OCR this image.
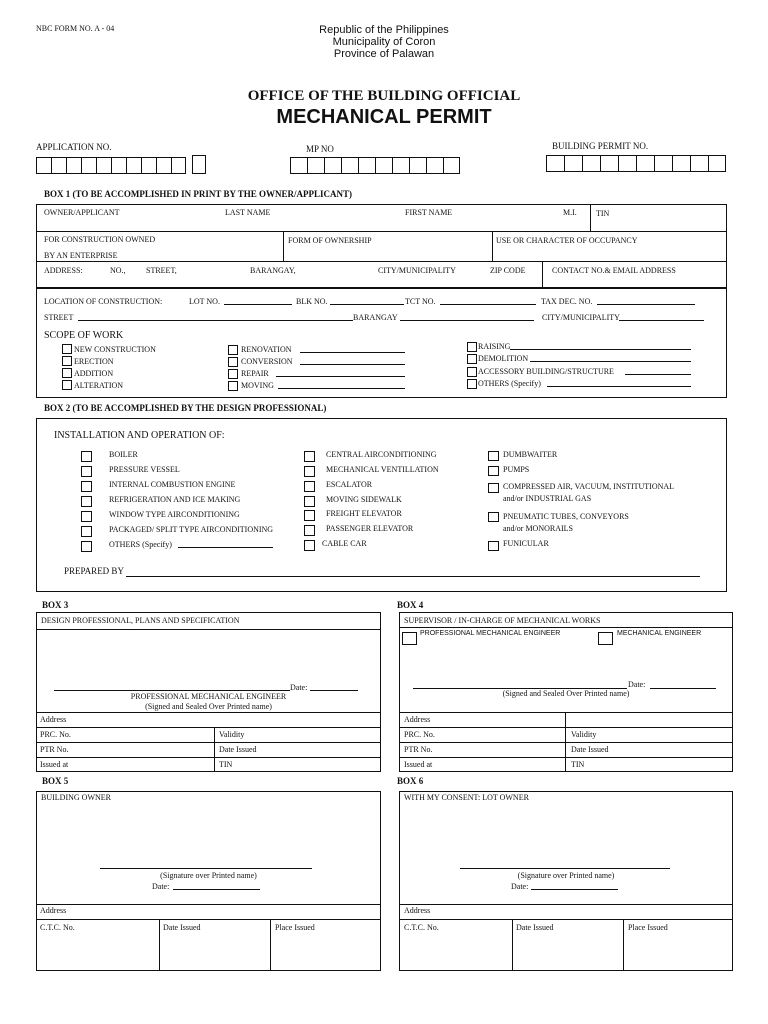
NBC FORM NO. A - 04	Republic of the Philippines
Municipality of Coron
Province of Palawan
OFFICE OF THE BUILDING OFFICIAL
MECHANICAL PERMIT
APPLICATION NO.	MP NO	BUILDING PERMIT NO.
BOX 1 (TO BE ACCOMPLISHED IN PRINT BY THE OWNER/APPLICANT)
OWNER/APPLICANT	LAST NAME	FIRST NAME	M.I. TIN
FOR CONSTRUCTION OWNED
BY AN ENTERPRISE
FORM OF OWNERSHIP	USE OR CHARACTER OF OCCUPANCY
ADDRESS:	NO.,	STREET,	BARANGAY,	CITY/MUNICIPALITY	ZIP CODE	CONTACT NO.& EMAIL ADDRESS
LOCATION OF CONSTRUCTION:	LOT NO.	BLK NO.	TCT NO.	TAX DEC. NO.
STREET	BARANGAY	CITY/MUNICIPALITY
SCOPE OF WORK
NEW CONSTRUCTION
ERECTION
ADDITION
ALTERATION
RENOVATION
CONVERSION
REPAIR
MOVING
RAISING
DEMOLITION
ACCESSORY BUILDING/STRUCTURE
OTHERS (Specify)
BOX 2 (TO BE ACCOMPLISHED BY THE DESIGN PROFESSIONAL)
INSTALLATION AND OPERATION OF:
BOILER
PRESSURE VESSEL
INTERNAL COMBUSTION ENGINE
REFRIGERATION AND ICE MAKING
WINDOW TYPE AIRCONDITIONING
PACKAGED/ SPLIT TYPE AIRCONDITIONING
OTHERS (Specify)
CENTRAL AIRCONDITIONING
MECHANICAL VENTILLATION
ESCALATOR
MOVING SIDEWALK
FREIGHT ELEVATOR
PASSENGER ELEVATOR
CABLE CAR
DUMBWAITER
PUMPS
COMPRESSED AIR, VACUUM, INSTITUTIONAL
and/or INDUSTRIAL GAS
PNEUMATIC TUBES, CONVEYORS
and/or MONORAILS
FUNICULAR
PREPARED BY
BOX 3
DESIGN PROFESSIONAL, PLANS AND SPECIFICATION
Date:
PROFESSIONAL MECHANICAL ENGINEER
(Signed and Sealed Over Printed name)
Address
PRC. No.	Validity
PTR No.	Date Issued
Issued at	TIN
BOX 4
SUPERVISOR / IN-CHARGE OF MECHANICAL WORKS
PROFESSIONAL MECHANICAL ENGINEER	MECHANICAL ENGINEER
Date:
(Signed and Sealed Over Printed name)
Address
PRC. No.	Validity
PTR No.	Date Issued
Issued at	TIN
BOX 5
BUILDING OWNER
(Signature over Printed name)
Date:
Address
C.T.C. No.	Date Issued	Place Issued
BOX 6
WITH MY CONSENT: LOT OWNER
(Signature over Printed name)
Date:
Address
C.T.C. No.	Date Issued	Place Issued
